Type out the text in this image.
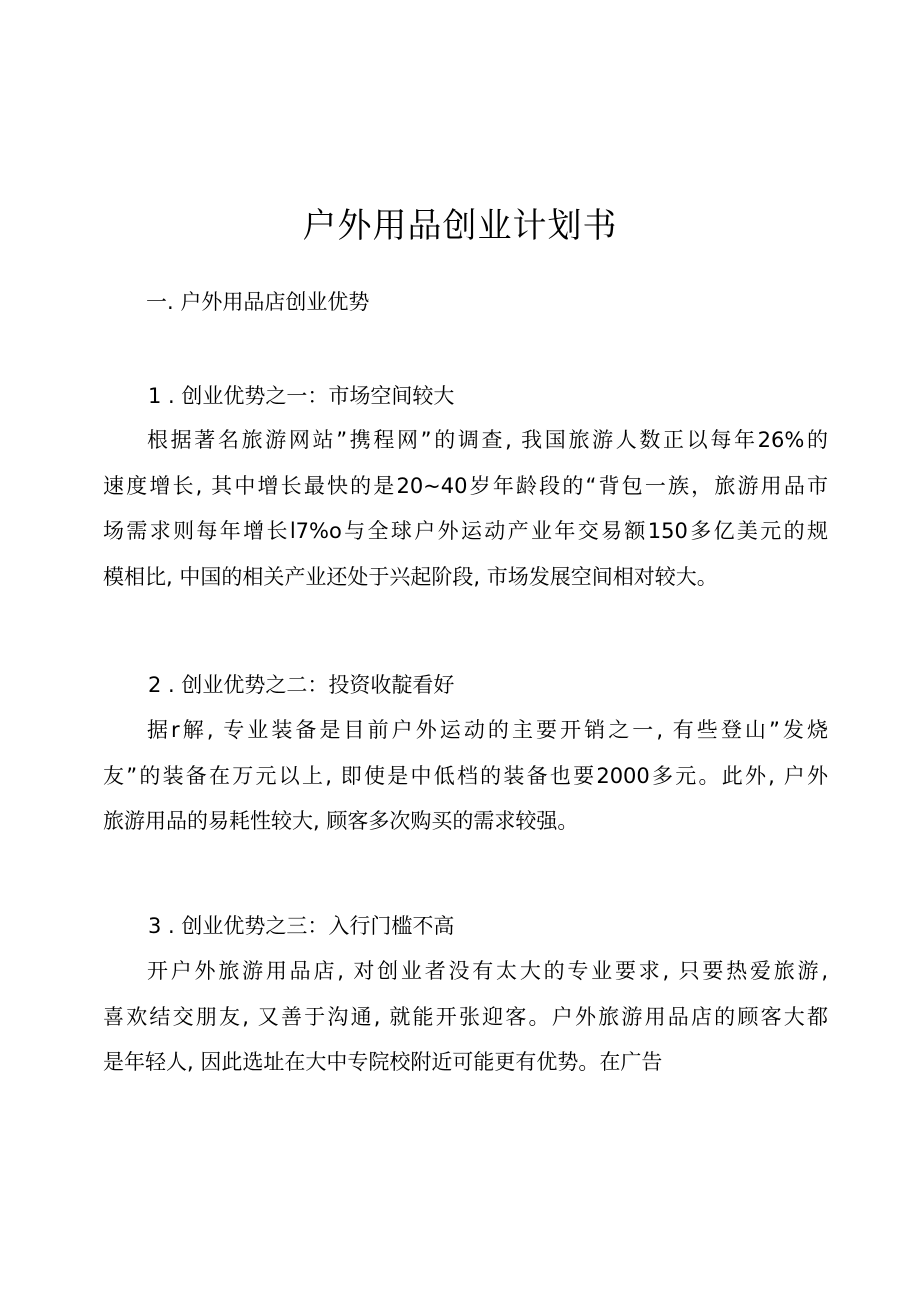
户外用品创业计划书
一. 户外用品店创业优势
1 . 创业优势之一：市场空间较大
根据著名旅游网站”携程网”的调查, 我国旅游人数正以每年26%的
速度增长, 其中增长最快的是20~40岁年龄段的“背包一族，旅游用品市
场需求则每年增长l7%o与全球户外运动产业年交易额150多亿美元的规
模相比, 中国的相关产业还处于兴起阶段, 市场发展空间相对较大。
2 . 创业优势之二：投资收靛看好
据r解, 专业装备是目前户外运动的主要开销之一, 有些登山”发烧
友”的装备在万元以上, 即使是中低档的装备也要2000多元。此外, 户外
旅游用品的易耗性较大, 顾客多次购买的需求较强。
3 . 创业优势之三：入行门槛不高
开户外旅游用品店, 对创业者没有太大的专业要求, 只要热爱旅游,
喜欢结交朋友, 又善于沟通, 就能开张迎客。户外旅游用品店的顾客大都
是年轻人, 因此选址在大中专院校附近可能更有优势。在广告
